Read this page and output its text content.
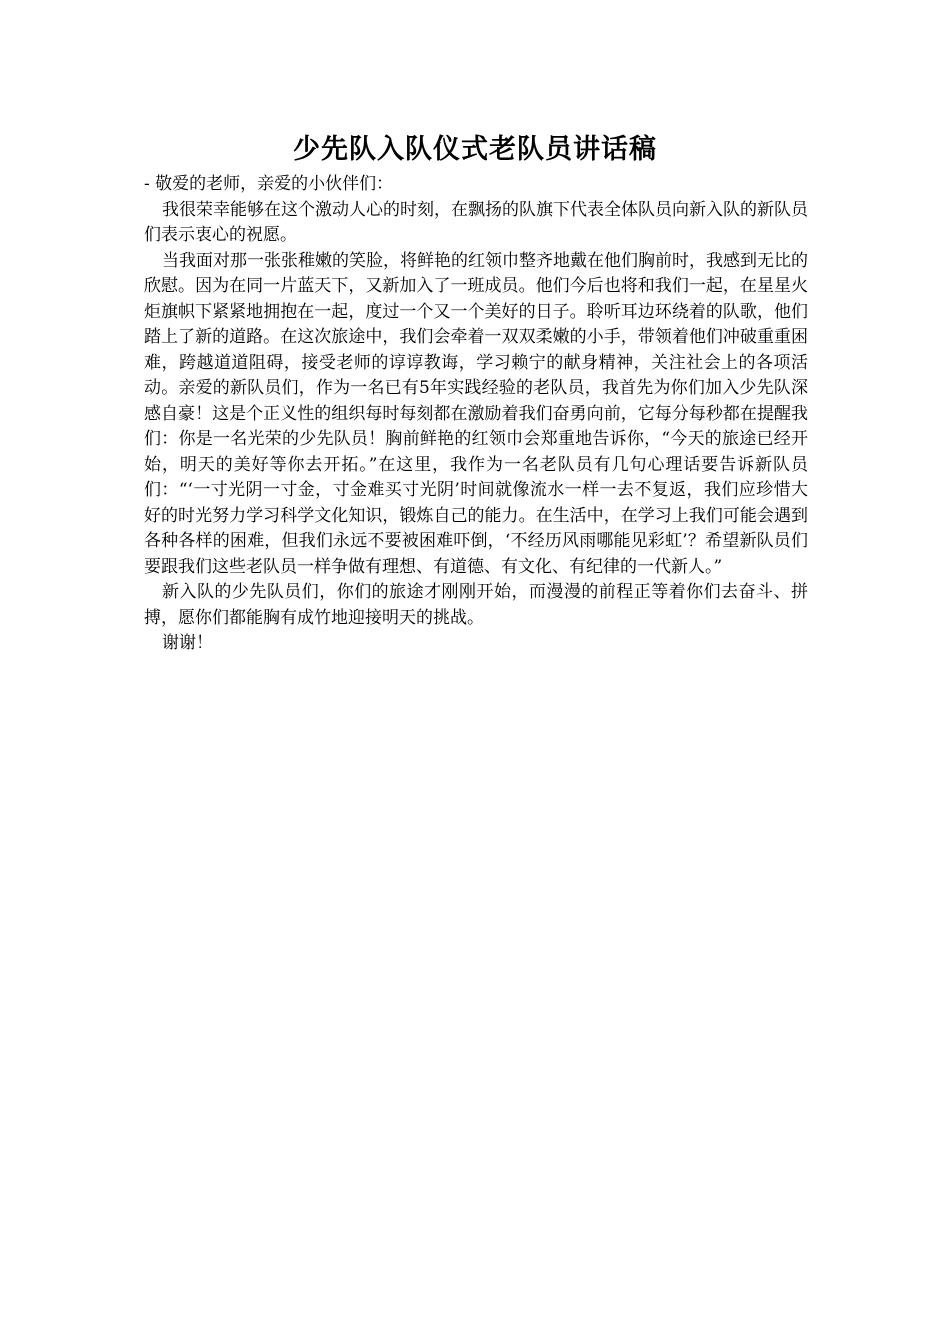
少先队入队仪式老队员讲话稿

- 敬爱的老师，亲爱的小伙伴们：

我很荣幸能够在这个激动人心的时刻，在飘扬的队旗下代表全体队员向新入队的新队员们表示衷心的祝愿。

当我面对那一张张稚嫩的笑脸，将鲜艳的红领巾整齐地戴在他们胸前时，我感到无比的欣慰。因为在同一片蓝天下，又新加入了一班成员。他们今后也将和我们一起，在星星火炬旗帜下紧紧地拥抱在一起，度过一个又一个美好的日子。聆听耳边环绕着的队歌，他们踏上了新的道路。在这次旅途中，我们会牵着一双双柔嫩的小手，带领着他们冲破重重困难，跨越道道阻碍，接受老师的谆谆教诲，学习赖宁的献身精神，关注社会上的各项活动。亲爱的新队员们，作为一名已有5年实践经验的老队员，我首先为你们加入少先队深感自豪！这是个正义性的组织每时每刻都在激励着我们奋勇向前，它每分每秒都在提醒我们：你是一名光荣的少先队员！胸前鲜艳的红领巾会郑重地告诉你，“今天的旅途已经开始，明天的美好等你去开拓。”在这里，我作为一名老队员有几句心理话要告诉新队员们：“‘一寸光阴一寸金，寸金难买寸光阴’时间就像流水一样一去不复返，我们应珍惜大好的时光努力学习科学文化知识，锻炼自己的能力。在生活中，在学习上我们可能会遇到各种各样的困难，但我们永远不要被困难吓倒，‘不经历风雨哪能见彩虹’？希望新队员们要跟我们这些老队员一样争做有理想、有道德、有文化、有纪律的一代新人。”

新入队的少先队员们，你们的旅途才刚刚开始，而漫漫的前程正等着你们去奋斗、拼搏，愿你们都能胸有成竹地迎接明天的挑战。

谢谢！
